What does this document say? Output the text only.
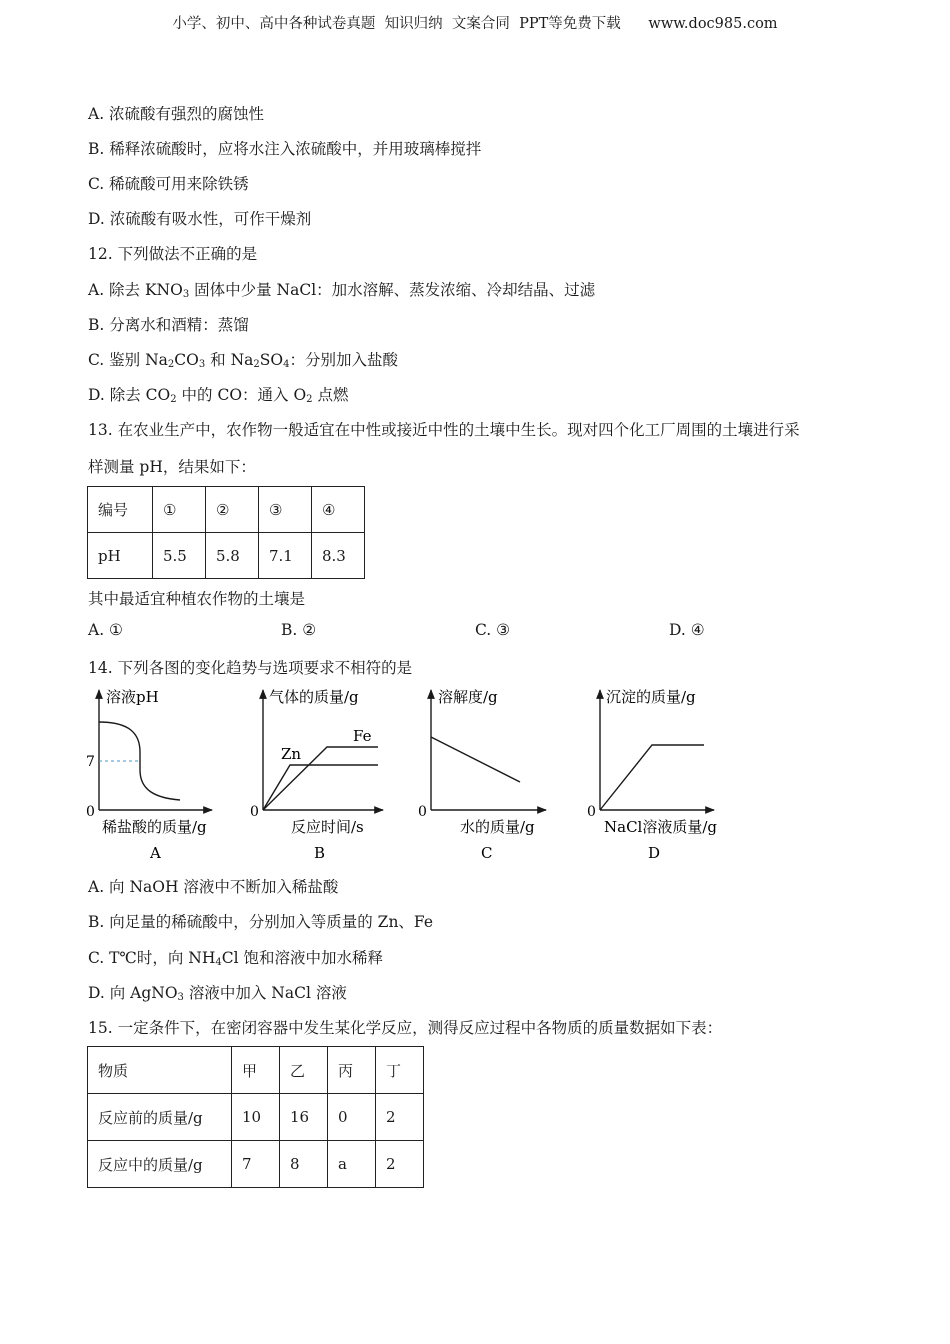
小学、初中、高中各种试卷真题  知识归纳  文案合同  PPT等免费下载      www.doc985.com
A. 浓硫酸有强烈的腐蚀性
B. 稀释浓硫酸时，应将水注入浓硫酸中，并用玻璃棒搅拌
C. 稀硫酸可用来除铁锈
D. 浓硫酸有吸水性，可作干燥剂
12. 下列做法不正确的是
A. 除去 $KNO_3$ 固体中少量 NaCl：加水溶解、蒸发浓缩、冷却结晶、过滤
B. 分离水和酒精：蒸馏
C. 鉴别 $Na_2CO_3$ 和 $Na_2SO_4$：分别加入盐酸
D. 除去 $CO_2$ 中的 CO：通入 $O_2$ 点燃
13. 在农业生产中，农作物一般适宜在中性或接近中性的土壤中生长。现对四个化工厂周围的土壤进行采
样测量 pH，结果如下：
编号	①	②	③	④
pH	5.5	5.8	7.1	8.3
其中最适宜种植农作物的土壤是
A. ①	B. ②	C. ③	D. ④
14. 下列各图的变化趋势与选项要求不相符的是
溶液pH
7
0
稀盐酸的质量/g
A
气体的质量/g
Zn
Fe
0
反应时间/s
B
溶解度/g
0
水的质量/g
C
沉淀的质量/g
0
NaCl溶液质量/g
D
A. 向 NaOH 溶液中不断加入稀盐酸
B. 向足量的稀硫酸中，分别加入等质量的 Zn、Fe
C. T℃时，向 $NH_4Cl$ 饱和溶液中加水稀释
D. 向 AgNO$_3$ 溶液中加入 NaCl 溶液
15. 一定条件下，在密闭容器中发生某化学反应，测得反应过程中各物质的质量数据如下表：
物质	甲	乙	丙	丁
反应前的质量/g	10	16	0	2
反应中的质量/g	7	8	a	2
